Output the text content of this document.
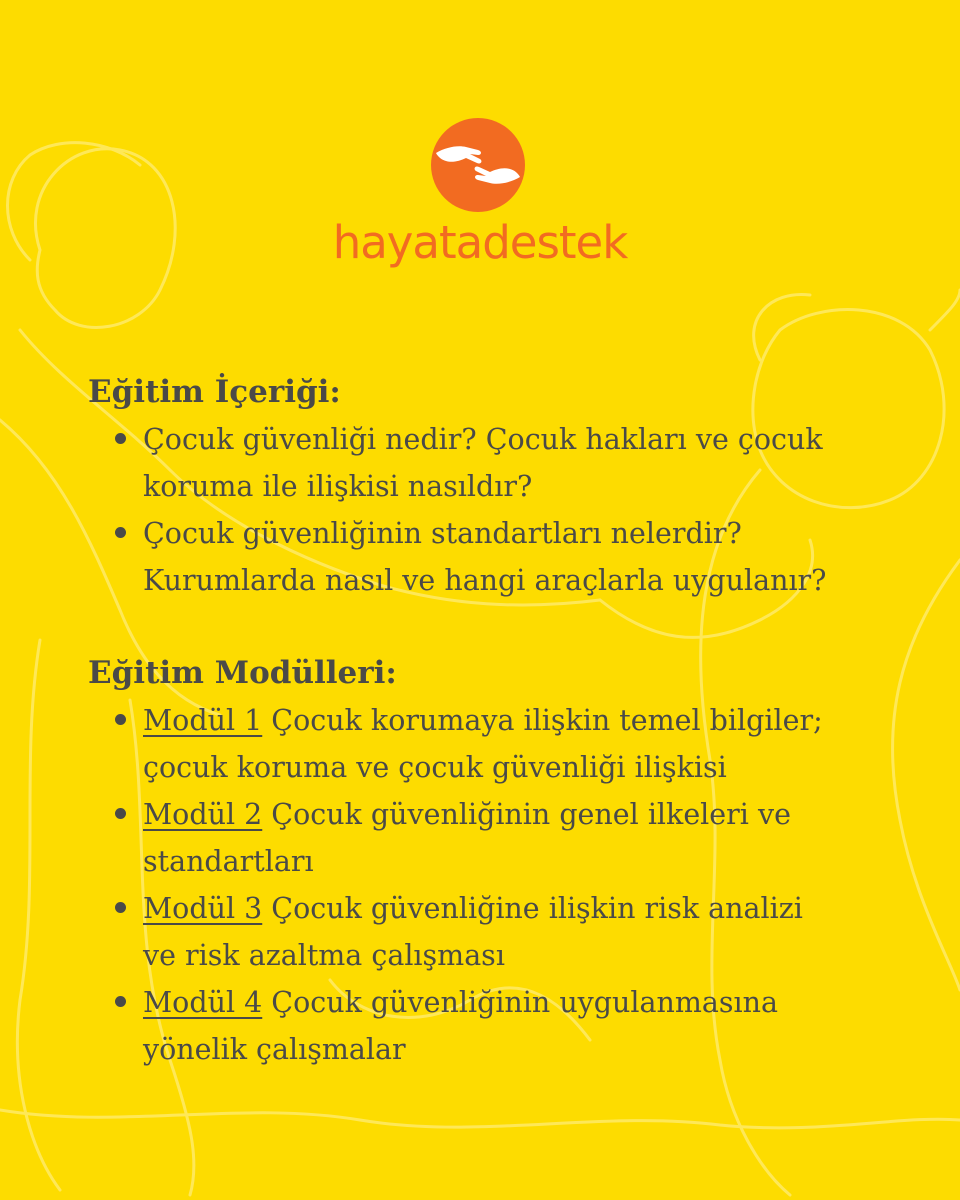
hayatadestek
Eğitim İçeriği:
Çocuk güvenliği nedir? Çocuk hakları ve çocuk
koruma ile ilişkisi nasıldır?
Çocuk güvenliğinin standartları nelerdir?
Kurumlarda nasıl ve hangi araçlarla uygulanır?
Eğitim Modülleri:
Modül 1 Çocuk korumaya ilişkin temel bilgiler;
çocuk koruma ve çocuk güvenliği ilişkisi
Modül 2 Çocuk güvenliğinin genel ilkeleri ve
standartları
Modül 3 Çocuk güvenliğine ilişkin risk analizi
ve risk azaltma çalışması
Modül 4 Çocuk güvenliğinin uygulanmasına
yönelik çalışmalar
